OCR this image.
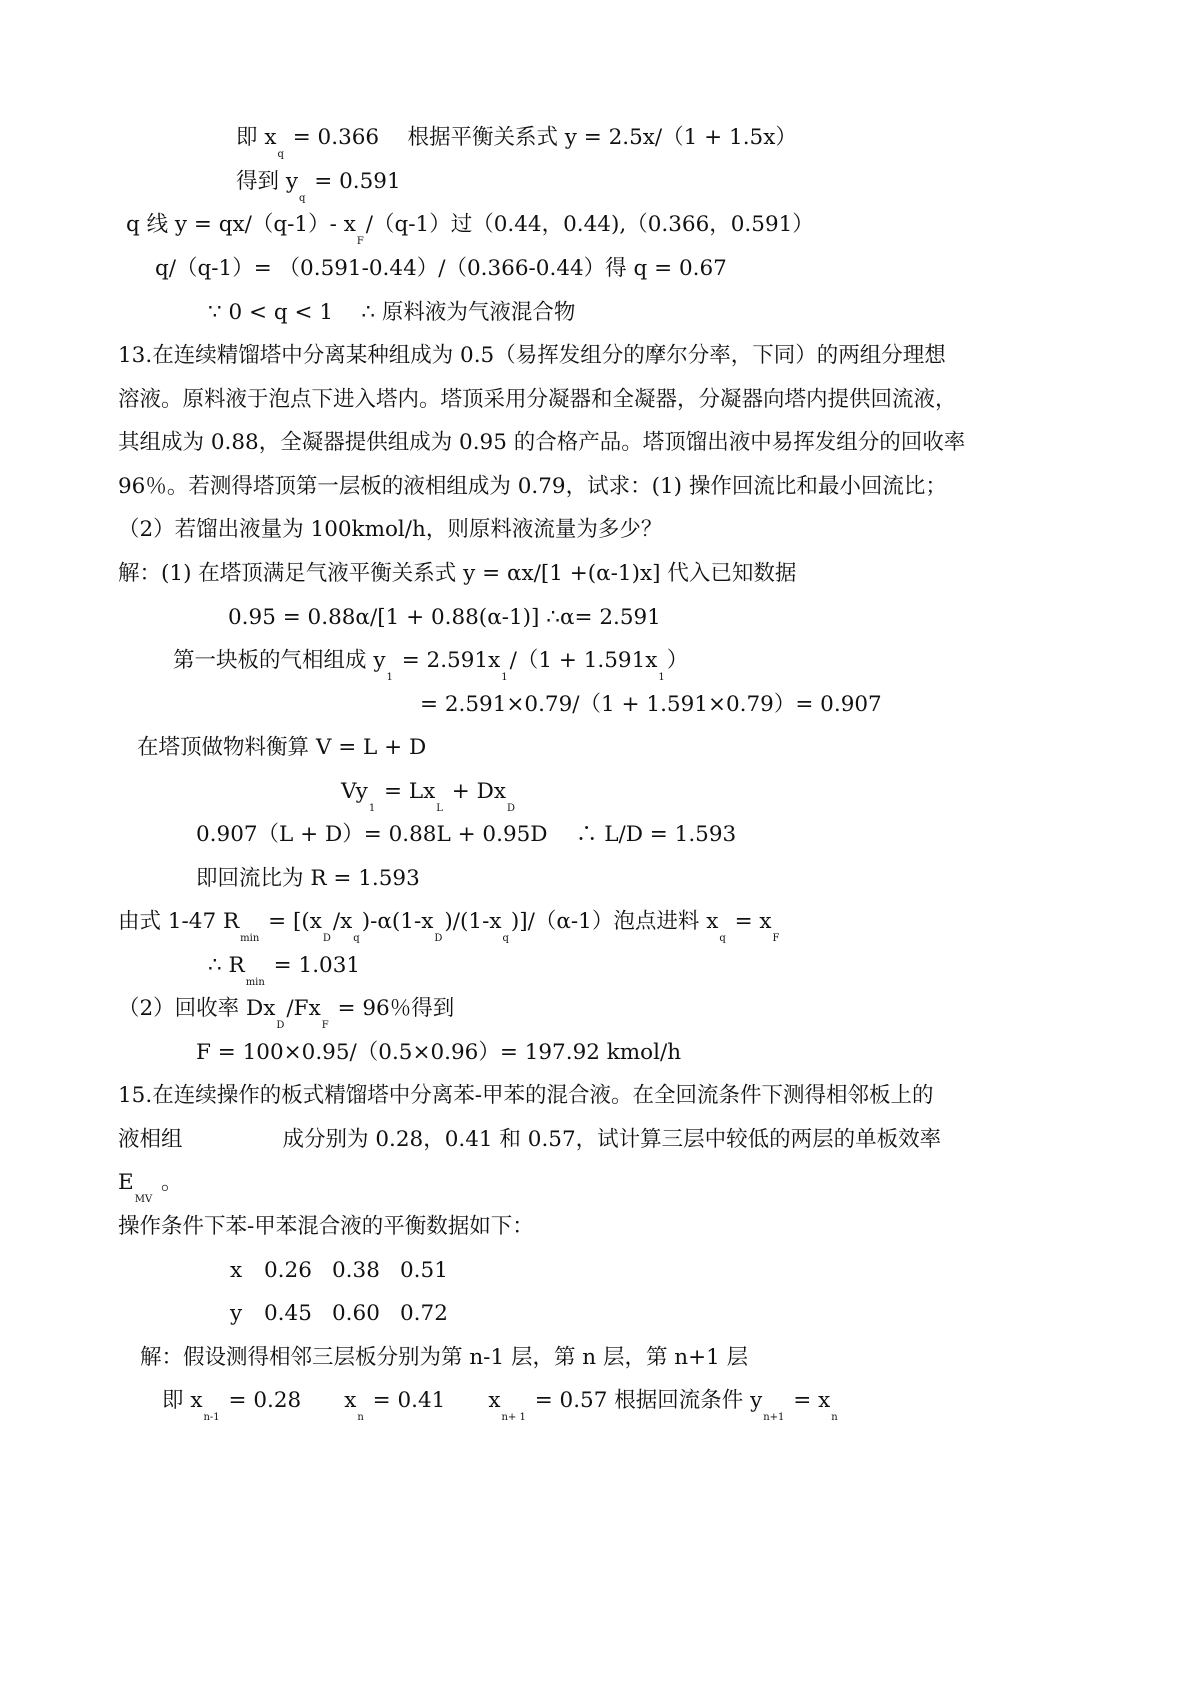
即 $x_q = 0.366$　 根据平衡关系式 y = 2.5x/（1 + 1.5x）
得到 $y_q = 0.591$
q 线 y = qx/（q-1）- $x_F/(q-1)$过（0.44，0.44),（0.366，0.591）
q/（q-1）= （0.591-0.44）/（0.366-0.44）得 q = 0.67
∵ 0 < q < 1 　∴ 原料液为气液混合物
13.在连续精馏塔中分离某种组成为 0.5（易挥发组分的摩尔分率，下同）的两组分理想
溶液。原料液于泡点下进入塔内。塔顶采用分凝器和全凝器，分凝器向塔内提供回流液，
其组成为 0.88，全凝器提供组成为 0.95 的合格产品。塔顶馏出液中易挥发组分的回收率
96％。若测得塔顶第一层板的液相组成为 0.79，试求：(1) 操作回流比和最小回流比；
（2）若馏出液量为 100kmol/h，则原料液流量为多少？
解：(1) 在塔顶满足气液平衡关系式 y = αx/[1 +(α-1)x] 代入已知数据
0.95 = 0.88α/[1 + 0.88(α-1)] ∴α= 2.591
第一块板的气相组成 $y_1 = 2.591x_1/(1 + 1.591x_1)$
= 2.591×0.79/（1 + 1.591×0.79）= 0.907
在塔顶做物料衡算 V = L + D
$Vy_1 = Lx_L + Dx_D$
0.907（L + D）= 0.88L + 0.95D　 ∴ L/D = 1.593
即回流比为 R = 1.593
由式 1-47 $R_{min} = [(x_D/x_q)-\alpha(1-x_D)/(1-x_q)]/(\alpha-1)$泡点进料 $x_q = x_F$
∴ $R_{min} = 1.031$
（2）回收率 $Dx_D/Fx_F = 96$％得到
F = 100×0.95/（0.5×0.96）= 197.92 kmol/h
15.在连续操作的板式精馏塔中分离苯-甲苯的混合液。在全回流条件下测得相邻板上的
液相组	成分别为 0.28，0.41 和 0.57，试计算三层中较低的两层的单板效率
$E_{MV}$ 。
操作条件下苯-甲苯混合液的平衡数据如下：
x 0.26 0.38 0.51
y 0.45 0.60 0.72
解：假设测得相邻三层板分别为第 n-1 层，第 n 层，第 n+1 层
即 $x_{n-1} = 0.28$　　$x_n = 0.41$　　$x_{n+ 1} = 0.57$ 根据回流条件 $y_{n+1} = x_n$
